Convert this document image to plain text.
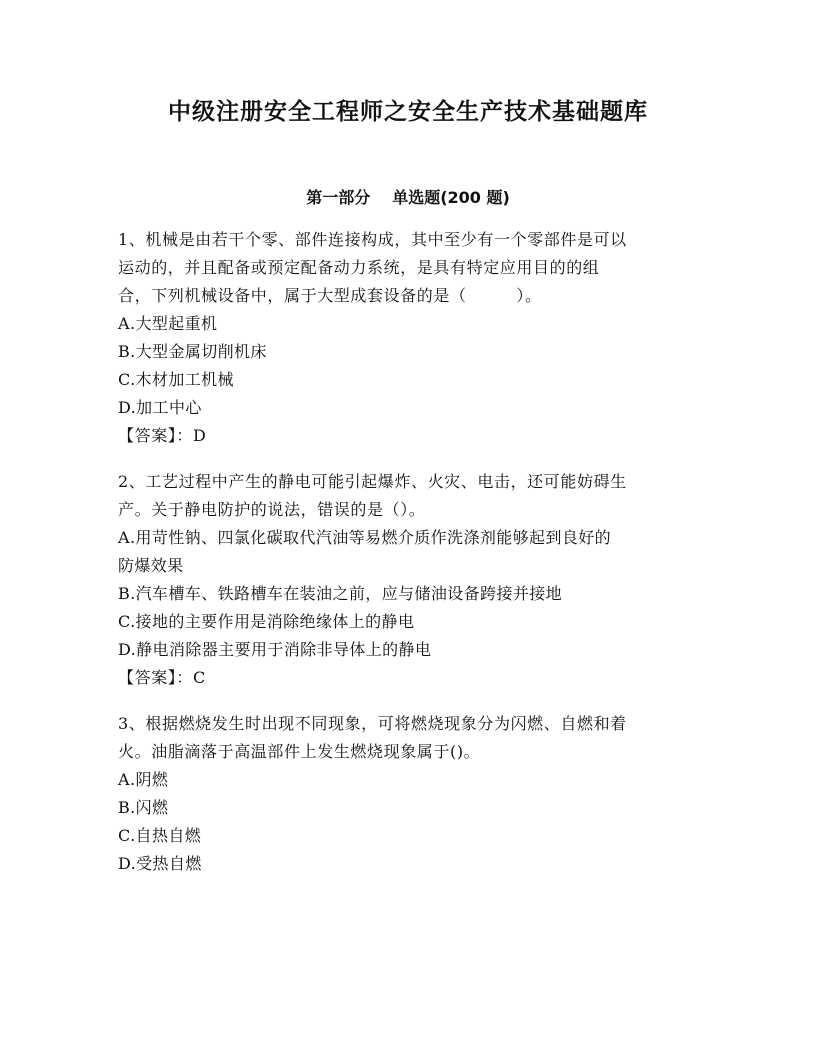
中级注册安全工程师之安全生产技术基础题库
第一部分 单选题(200 题)

1、机械是由若干个零、部件连接构成，其中至少有一个零部件是可以

运动的，并且配备或预定配备动力系统，是具有特定应用目的的组

合，下列机械设备中，属于大型成套设备的是（　　　）。

A.大型起重机

B.大型金属切削机床

C.木材加工机械

D.加工中心

【答案】：D

2、工艺过程中产生的静电可能引起爆炸、火灾、电击，还可能妨碍生

产。关于静电防护的说法，错误的是（）。

A.用苛性钠、四氯化碳取代汽油等易燃介质作洗涤剂能够起到良好的

防爆效果

B.汽车槽车、铁路槽车在装油之前，应与储油设备跨接并接地

C.接地的主要作用是消除绝缘体上的静电

D.静电消除器主要用于消除非导体上的静电

【答案】：C

3、根据燃烧发生时出现不同现象，可将燃烧现象分为闪燃、自燃和着

火。油脂滴落于高温部件上发生燃烧现象属于()。

A.阴燃

B.闪燃

C.自热自燃

D.受热自燃
